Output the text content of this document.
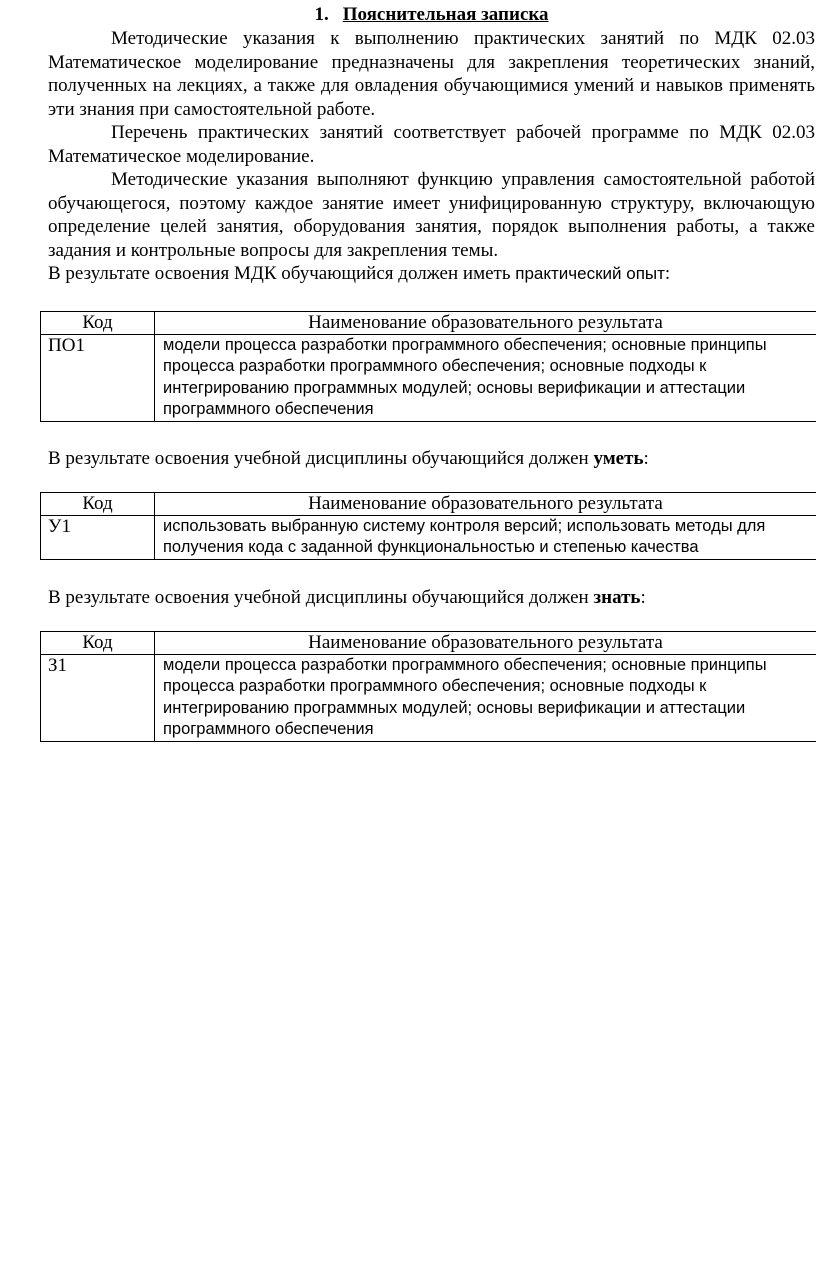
1. Пояснительная записка

Методические указания к выполнению практических занятий по МДК 02.03 Математическое моделирование предназначены для закрепления теоретических знаний, полученных на лекциях, а также для овладения обучающимися умений и навыков применять эти знания при самостоятельной работе.

Перечень практических занятий соответствует рабочей программе по МДК 02.03 Математическое моделирование.

Методические указания выполняют функцию управления самостоятельной работой обучающегося, поэтому каждое занятие имеет унифицированную структуру, включающую определение целей занятия, оборудования занятия, порядок выполнения работы, а также задания и контрольные вопросы для закрепления темы.

В результате освоения МДК обучающийся должен иметь практический опыт:

Код	Наименование образовательного результата
ПО1	модели процесса разработки программного обеспечения; основные принципы процесса разработки программного обеспечения; основные подходы к интегрированию программных модулей; основы верификации и аттестации программного обеспечения

В результате освоения учебной дисциплины обучающийся должен уметь:

Код	Наименование образовательного результата
У1	использовать выбранную систему контроля версий; использовать методы для получения кода с заданной функциональностью и степенью качества

В результате освоения учебной дисциплины обучающийся должен знать:

Код	Наименование образовательного результата
З1	модели процесса разработки программного обеспечения; основные принципы процесса разработки программного обеспечения; основные подходы к интегрированию программных модулей; основы верификации и аттестации программного обеспечения
